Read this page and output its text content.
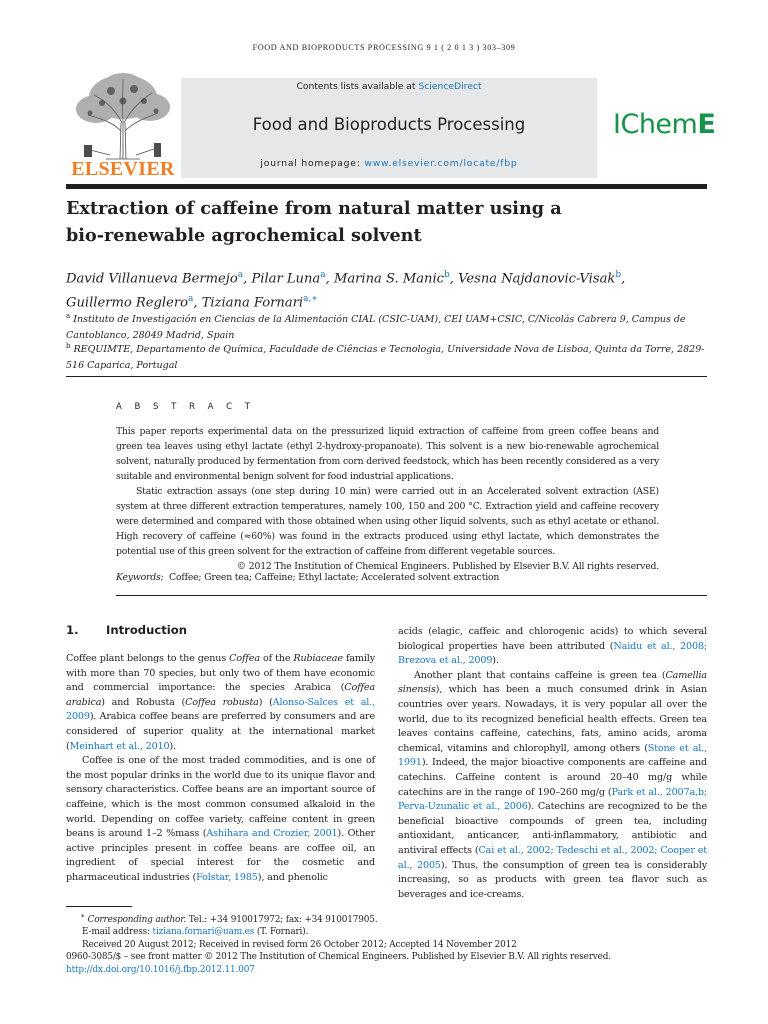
FOOD AND BIOPRODUCTS PROCESSING 9 1 ( 2 0 1 3 ) 303–309
ELSEVIER
Contents lists available at ScienceDirect
Food and Bioproducts Processing
journal homepage: www.elsevier.com/locate/fbp
IChemE
Extraction of caffeine from natural matter using a
bio-renewable agrochemical solvent
David Villanueva Bermejo$^a$, Pilar Luna$^a$, Marina S. Manic$^b$, Vesna Najdanovic-Visak$^b$,
Guillermo Reglero$^a$, Tiziana Fornari$^{a,∗}$
$^a$ Instituto de Investigación en Ciencias de la Alimentación CIAL (CSIC-UAM), CEI UAM+CSIC, C/Nicolás Cabrera 9, Campus de Cantoblanco, 28049 Madrid, Spain
$^b$ REQUIMTE, Departamento de Química, Faculdade de Ciências e Tecnologia, Universidade Nova de Lisboa, Quinta da Torre, 2829-516 Caparica, Portugal
A B S T R A C T

This paper reports experimental data on the pressurized liquid extraction of caffeine from green coffee beans and green tea leaves using ethyl lactate (ethyl 2-hydroxy-propanoate). This solvent is a new bio-renewable agrochemical solvent, naturally produced by fermentation from corn derived feedstock, which has been recently considered as a very suitable and environmental benign solvent for food industrial applications.

Static extraction assays (one step during 10 min) were carried out in an Accelerated solvent extraction (ASE) system at three different extraction temperatures, namely 100, 150 and 200 °C. Extraction yield and caffeine recovery were determined and compared with those obtained when using other liquid solvents, such as ethyl acetate or ethanol. High recovery of caffeine (≈60%) was found in the extracts produced using ethyl lactate, which demonstrates the potential use of this green solvent for the extraction of caffeine from different vegetable sources.

© 2012 The Institution of Chemical Engineers. Published by Elsevier B.V. All rights reserved.

Keywords: Coffee; Green tea; Caffeine; Ethyl lactate; Accelerated solvent extraction
1. Introduction

Coffee plant belongs to the genus Coffea of the Rubiaceae family with more than 70 species, but only two of them have economic and commercial importance: the species Arabica (Coffea arabica) and Robusta (Coffea robusta) (Alonso-Salces et al., 2009). Arabica coffee beans are preferred by consumers and are considered of superior quality at the international market (Meinhart et al., 2010).

Coffee is one of the most traded commodities, and is one of the most popular drinks in the world due to its unique flavor and sensory characteristics. Coffee beans are an important source of caffeine, which is the most common consumed alkaloid in the world. Depending on coffee variety, caffeine content in green beans is around 1–2 %mass (Ashihara and Crozier, 2001). Other active principles present in coffee beans are coffee oil, an ingredient of special interest for the cosmetic and pharmaceutical industries (Folstar, 1985), and phenolic

acids (elagic, caffeic and chlorogenic acids) to which several biological properties have been attributed (Naidu et al., 2008; Brezova et al., 2009).

Another plant that contains caffeine is green tea (Camellia sinensis), which has been a much consumed drink in Asian countries over years. Nowadays, it is very popular all over the world, due to its recognized beneficial health effects. Green tea leaves contains caffeine, catechins, fats, amino acids, aroma chemical, vitamins and chlorophyll, among others (Stone et al., 1991). Indeed, the major bioactive components are caffeine and catechins. Caffeine content is around 20–40 mg/g while catechins are in the range of 190–260 mg/g (Park et al., 2007a,b; Perva-Uzunalic et al., 2006). Catechins are recognized to be the beneficial bioactive compounds of green tea, including antioxidant, anticancer, anti-inflammatory, antibiotic and antiviral effects (Cai et al., 2002; Tedeschi et al., 2002; Cooper et al., 2005). Thus, the consumption of green tea is considerably increasing, so as products with green tea flavor such as beverages and ice-creams.

∗ Corresponding author. Tel.: +34 910017972; fax: +34 910017905.
E-mail address: tiziana.fornari@uam.es (T. Fornari).
Received 20 August 2012; Received in revised form 26 October 2012; Accepted 14 November 2012
0960-3085/$ – see front matter © 2012 The Institution of Chemical Engineers. Published by Elsevier B.V. All rights reserved.
http://dx.doi.org/10.1016/j.fbp.2012.11.007
